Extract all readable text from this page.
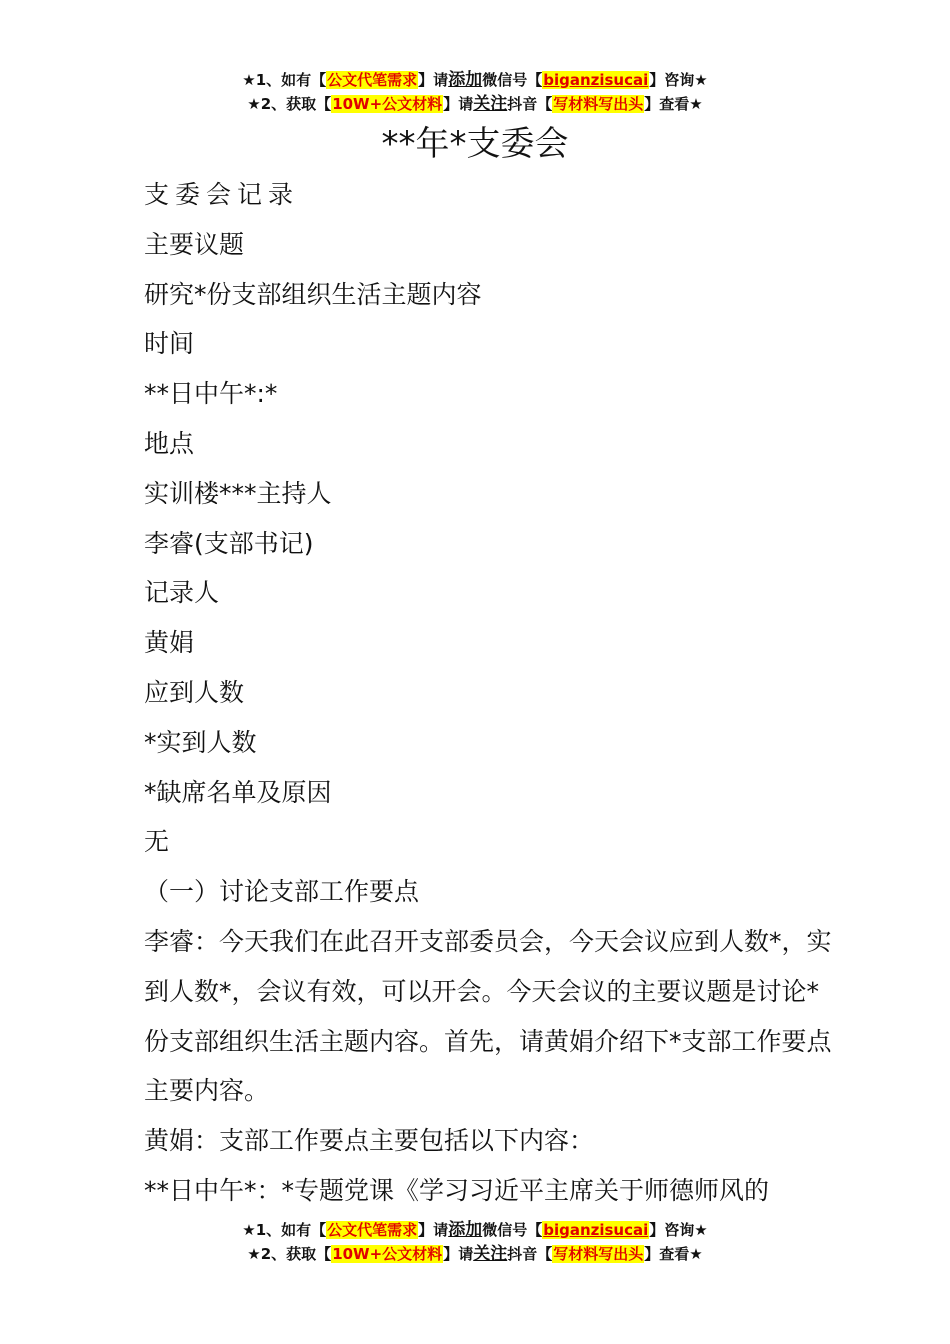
★1、如有【公文代笔需求】请添加微信号【biganzisucai】咨询★
★2、获取【10W+公文材料】请关注抖音【写材料写出头】查看★
**年*支委会

支委会记录

主要议题

研究*份支部组织生活主题内容

时间

**日中午*:*

地点

实训楼***主持人

李睿(支部书记)

记录人

黄娟

应到人数

*实到人数

*缺席名单及原因

无

（一）讨论支部工作要点

李睿：今天我们在此召开支部委员会，今天会议应到人数*，实到人数*，会议有效，可以开会。今天会议的主要议题是讨论*份支部组织生活主题内容。首先，请黄娟介绍下*支部工作要点主要内容。

黄娟：支部工作要点主要包括以下内容：

**日中午*：*专题党课《学习习近平主席关于师德师风的

★1、如有【公文代笔需求】请添加微信号【biganzisucai】咨询★
★2、获取【10W+公文材料】请关注抖音【写材料写出头】查看★
